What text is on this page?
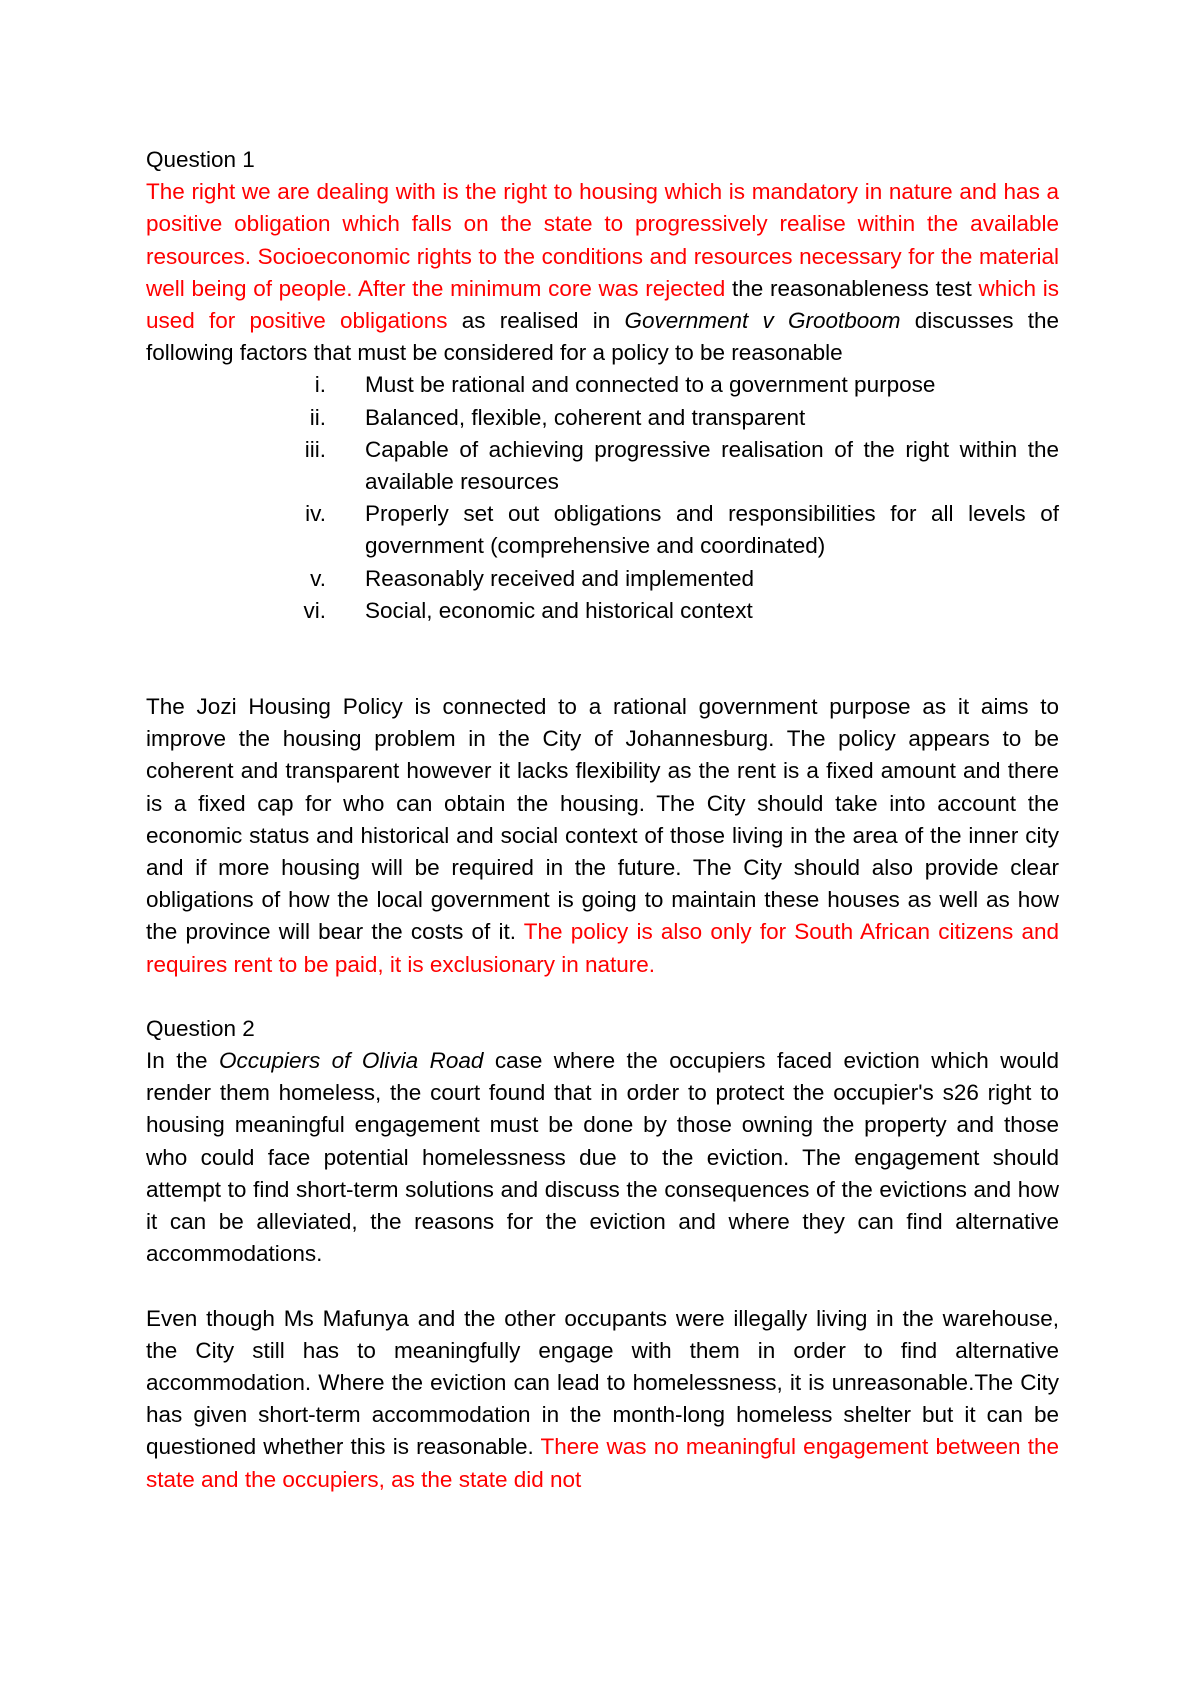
Question 1

The right we are dealing with is the right to housing which is mandatory in nature and has a positive obligation which falls on the state to progressively realise within the available resources. Socioeconomic rights to the conditions and resources necessary for the material well being of people. After the minimum core was rejected the reasonableness test which is used for positive obligations as realised in Government v Grootboom discusses the following factors that must be considered for a policy to be reasonable

i. Must be rational and connected to a government purpose
ii. Balanced, flexible, coherent and transparent
iii. Capable of achieving progressive realisation of the right within the available resources
iv. Properly set out obligations and responsibilities for all levels of government (comprehensive and coordinated)
v. Reasonably received and implemented
vi. Social, economic and historical context

The Jozi Housing Policy is connected to a rational government purpose as it aims to improve the housing problem in the City of Johannesburg. The policy appears to be coherent and transparent however it lacks flexibility as the rent is a fixed amount and there is a fixed cap for who can obtain the housing. The City should take into account the economic status and historical and social context of those living in the area of the inner city and if more housing will be required in the future. The City should also provide clear obligations of how the local government is going to maintain these houses as well as how the province will bear the costs of it. The policy is also only for South African citizens and requires rent to be paid, it is exclusionary in nature.

Question 2

In the Occupiers of Olivia Road case where the occupiers faced eviction which would render them homeless, the court found that in order to protect the occupier's s26 right to housing meaningful engagement must be done by those owning the property and those who could face potential homelessness due to the eviction. The engagement should attempt to find short-term solutions and discuss the consequences of the evictions and how it can be alleviated, the reasons for the eviction and where they can find alternative accommodations.

Even though Ms Mafunya and the other occupants were illegally living in the warehouse, the City still has to meaningfully engage with them in order to find alternative accommodation. Where the eviction can lead to homelessness, it is unreasonable.The City has given short-term accommodation in the month-long homeless shelter but it can be questioned whether this is reasonable. There was no meaningful engagement between the state and the occupiers, as the state did not
